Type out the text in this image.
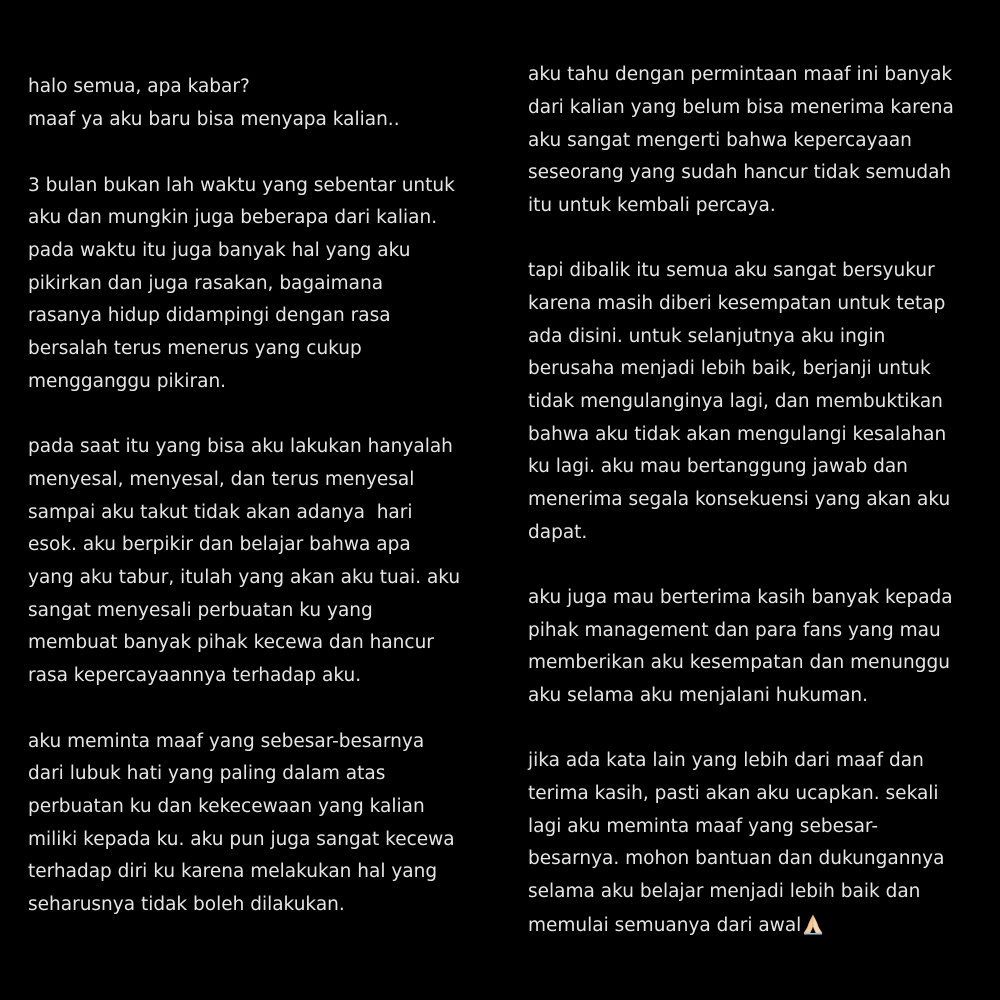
halo semua, apa kabar?
maaf ya aku baru bisa menyapa kalian..
3 bulan bukan lah waktu yang sebentar untuk
aku dan mungkin juga beberapa dari kalian.
pada waktu itu juga banyak hal yang aku
pikirkan dan juga rasakan, bagaimana
rasanya hidup didampingi dengan rasa
bersalah terus menerus yang cukup
mengganggu pikiran.
pada saat itu yang bisa aku lakukan hanyalah
menyesal, menyesal, dan terus menyesal
sampai aku takut tidak akan adanya  hari
esok. aku berpikir dan belajar bahwa apa
yang aku tabur, itulah yang akan aku tuai. aku
sangat menyesali perbuatan ku yang
membuat banyak pihak kecewa dan hancur
rasa kepercayaannya terhadap aku.
aku meminta maaf yang sebesar-besarnya
dari lubuk hati yang paling dalam atas
perbuatan ku dan kekecewaan yang kalian
miliki kepada ku. aku pun juga sangat kecewa
terhadap diri ku karena melakukan hal yang
seharusnya tidak boleh dilakukan.
aku tahu dengan permintaan maaf ini banyak
dari kalian yang belum bisa menerima karena
aku sangat mengerti bahwa kepercayaan
seseorang yang sudah hancur tidak semudah
itu untuk kembali percaya.
tapi dibalik itu semua aku sangat bersyukur
karena masih diberi kesempatan untuk tetap
ada disini. untuk selanjutnya aku ingin
berusaha menjadi lebih baik, berjanji untuk
tidak mengulanginya lagi, dan membuktikan
bahwa aku tidak akan mengulangi kesalahan
ku lagi. aku mau bertanggung jawab dan
menerima segala konsekuensi yang akan aku
dapat.
aku juga mau berterima kasih banyak kepada
pihak management dan para fans yang mau
memberikan aku kesempatan dan menunggu
aku selama aku menjalani hukuman.
jika ada kata lain yang lebih dari maaf dan
terima kasih, pasti akan aku ucapkan. sekali
lagi aku meminta maaf yang sebesar-
besarnya. mohon bantuan dan dukungannya
selama aku belajar menjadi lebih baik dan
memulai semuanya dari awal
